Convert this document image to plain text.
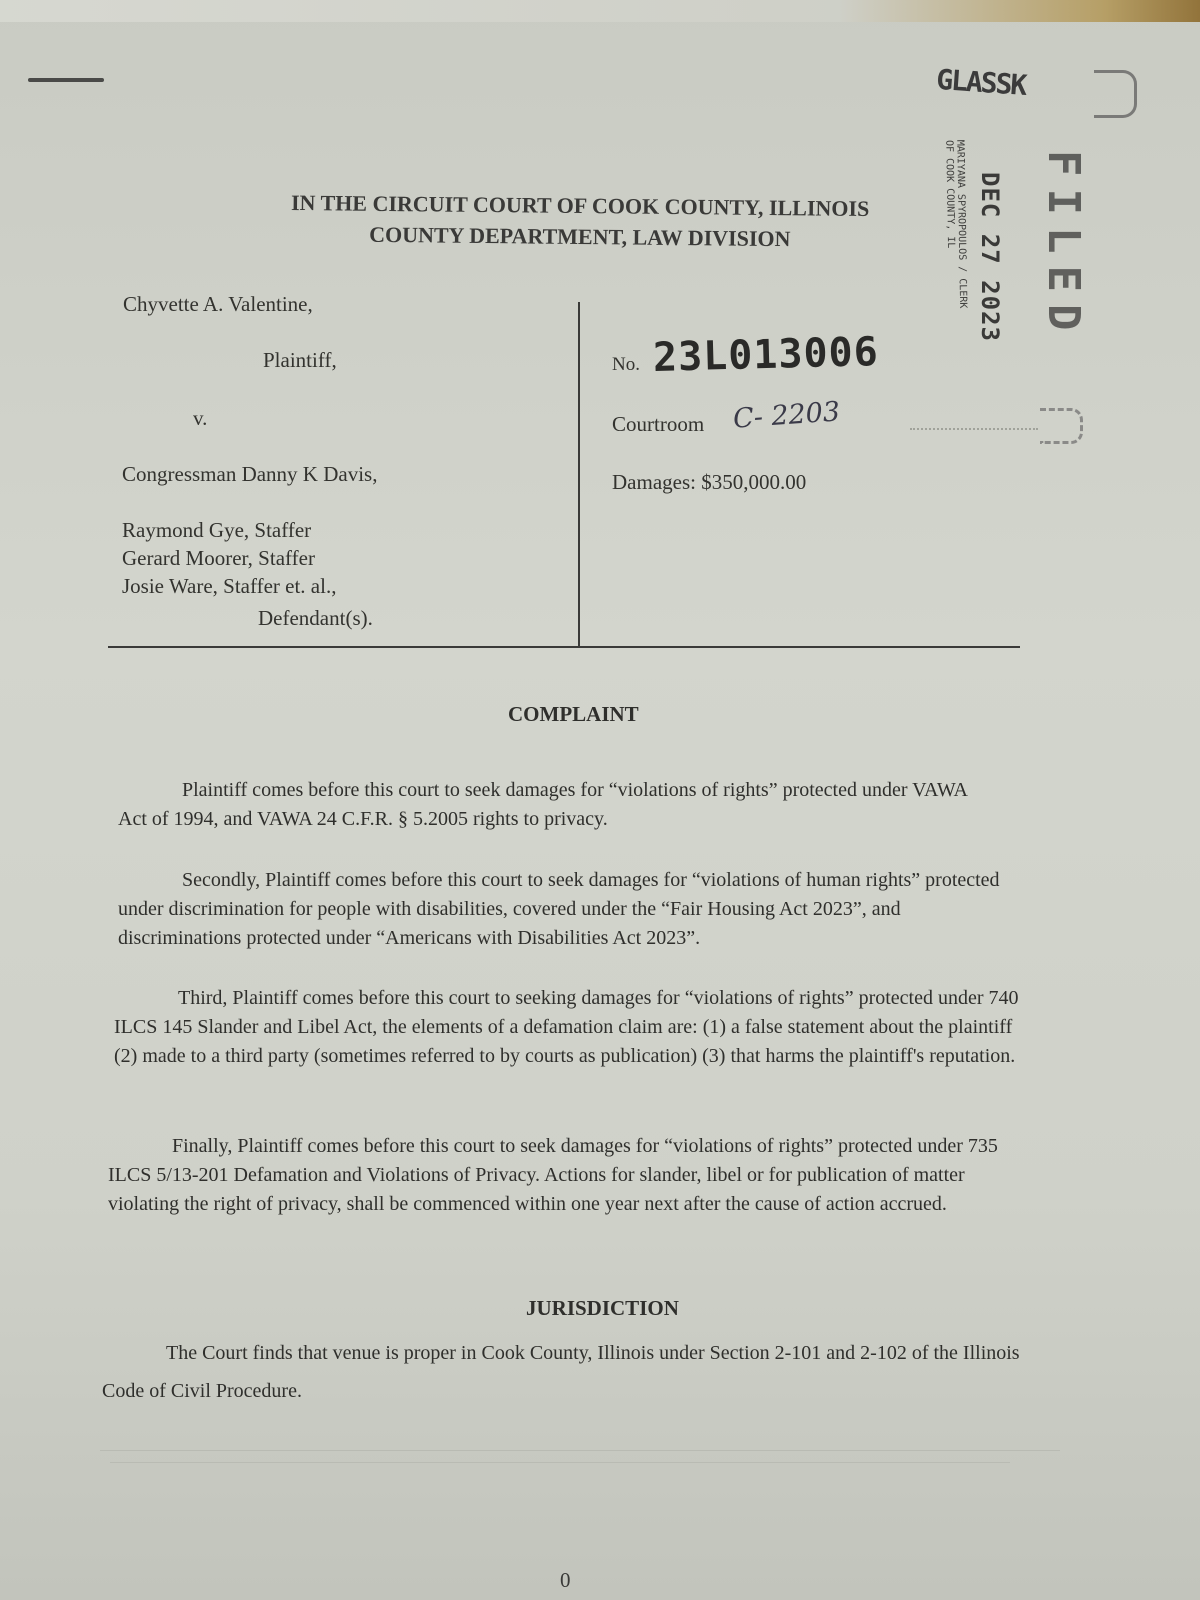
IN THE CIRCUIT COURT OF COOK COUNTY, ILLINOIS
COUNTY DEPARTMENT, LAW DIVISION
GLASSK
MARIYANA SPYROPOULOS / CLERK
OF COOK COUNTY, IL DEC 27 2023 FILED
Chyvette A. Valentine,
Plaintiff,
v.
Congressman Danny K Davis,
Raymond Gye, Staffer
Gerard Moorer, Staffer
Josie Ware, Staffer et. al.,
Defendant(s).
No. 23L013006
Courtroom C- 2203
Damages: $350,000.00
COMPLAINT
Plaintiff comes before this court to seek damages for “violations of rights” protected under VAWA Act of 1994, and VAWA 24 C.F.R. § 5.2005 rights to privacy.
Secondly, Plaintiff comes before this court to seek damages for “violations of human rights” protected under discrimination for people with disabilities, covered under the “Fair Housing Act 2023”, and discriminations protected under “Americans with Disabilities Act 2023”.
Third, Plaintiff comes before this court to seeking damages for “violations of rights” protected under 740 ILCS 145 Slander and Libel Act, the elements of a defamation claim are: (1) a false statement about the plaintiff (2) made to a third party (sometimes referred to by courts as publication) (3) that harms the plaintiff's reputation.
Finally, Plaintiff comes before this court to seek damages for “violations of rights” protected under 735 ILCS 5/13-201 Defamation and Violations of Privacy. Actions for slander, libel or for publication of matter violating the right of privacy, shall be commenced within one year next after the cause of action accrued.
JURISDICTION
The Court finds that venue is proper in Cook County, Illinois under Section 2-101 and 2-102 of the Illinois Code of Civil Procedure.
0
